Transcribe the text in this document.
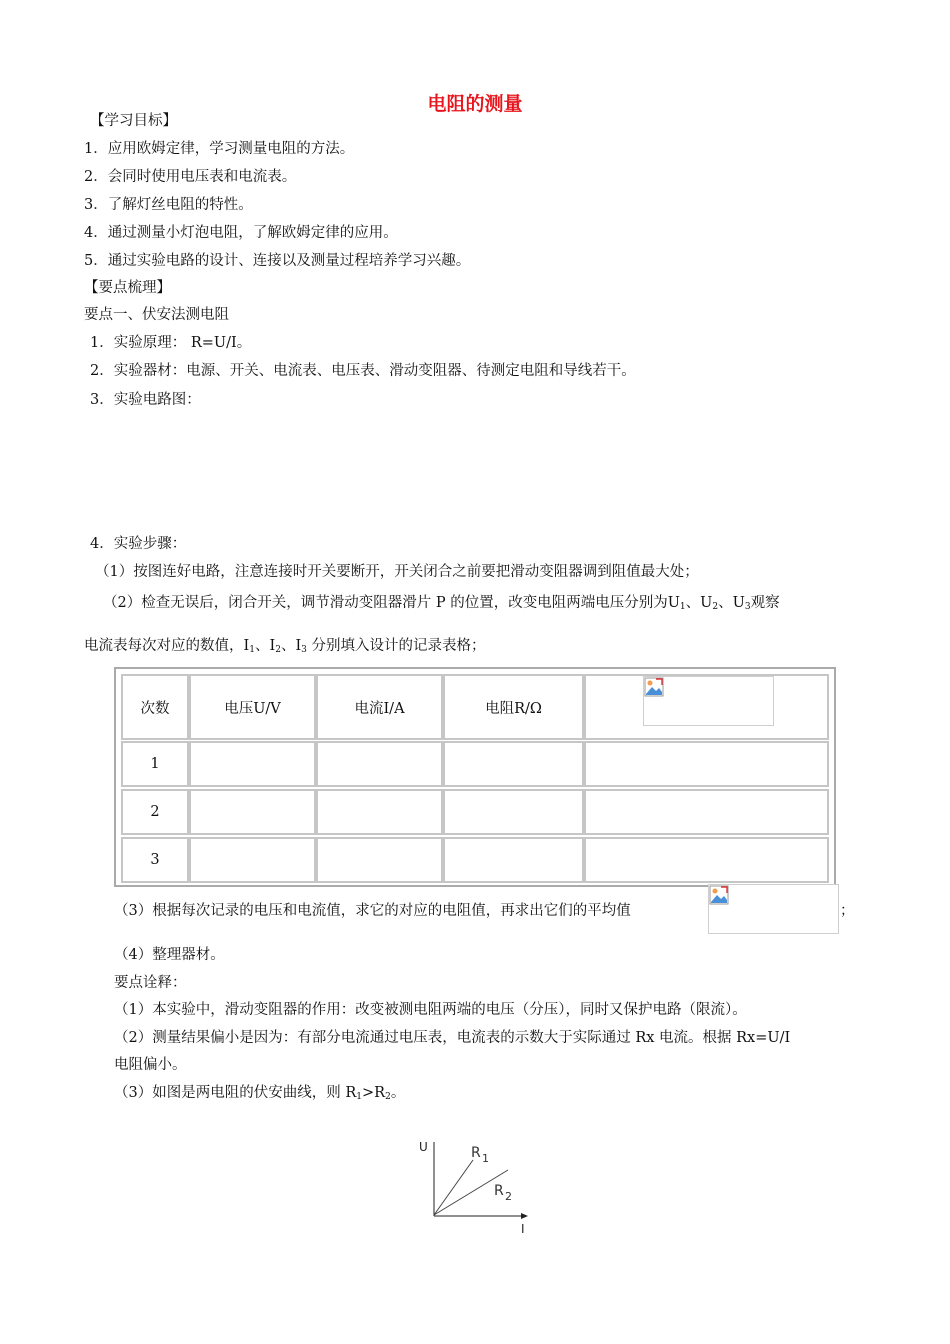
电阻的测量
【学习目标】
1．应用欧姆定律，学习测量电阻的方法。
2．会同时使用电压表和电流表。
3．了解灯丝电阻的特性。
4．通过测量小灯泡电阻，了解欧姆定律的应用。
5．通过实验电路的设计、连接以及测量过程培养学习兴趣。
【要点梳理】
要点一、伏安法测电阻
1．实验原理： R=U/I。
2．实验器材：电源、开关、电流表、电压表、滑动变阻器、待测定电阻和导线若干。
3．实验电路图：
4．实验步骤：
（1）按图连好电路，注意连接时开关要断开，开关闭合之前要把滑动变阻器调到阻值最大处；
（2）检查无误后，闭合开关，调节滑动变阻器滑片 P 的位置，改变电阻两端电压分别为$U_1$、$U_2$、$U_3$观察
电流表每次对应的数值，$I_1$、$I_2$、$I_3$ 分别填入设计的记录表格；
次数	电压U/V	电流I/A	电阻R/Ω
1
2
3
（3）根据每次记录的电压和电流值，求它的对应的电阻值，再求出它们的平均值	；
（4）整理器材。
要点诠释：
（1）本实验中，滑动变阻器的作用：改变被测电阻两端的电压（分压），同时又保护电路（限流）。
（2）测量结果偏小是因为：有部分电流通过电压表，电流表的示数大于实际通过 Rx 电流。根据 Rx=U/I
电阻偏小。
（3）如图是两电阻的伏安曲线，则 $R_1>R_2$。
U
I
R 1
R 2
